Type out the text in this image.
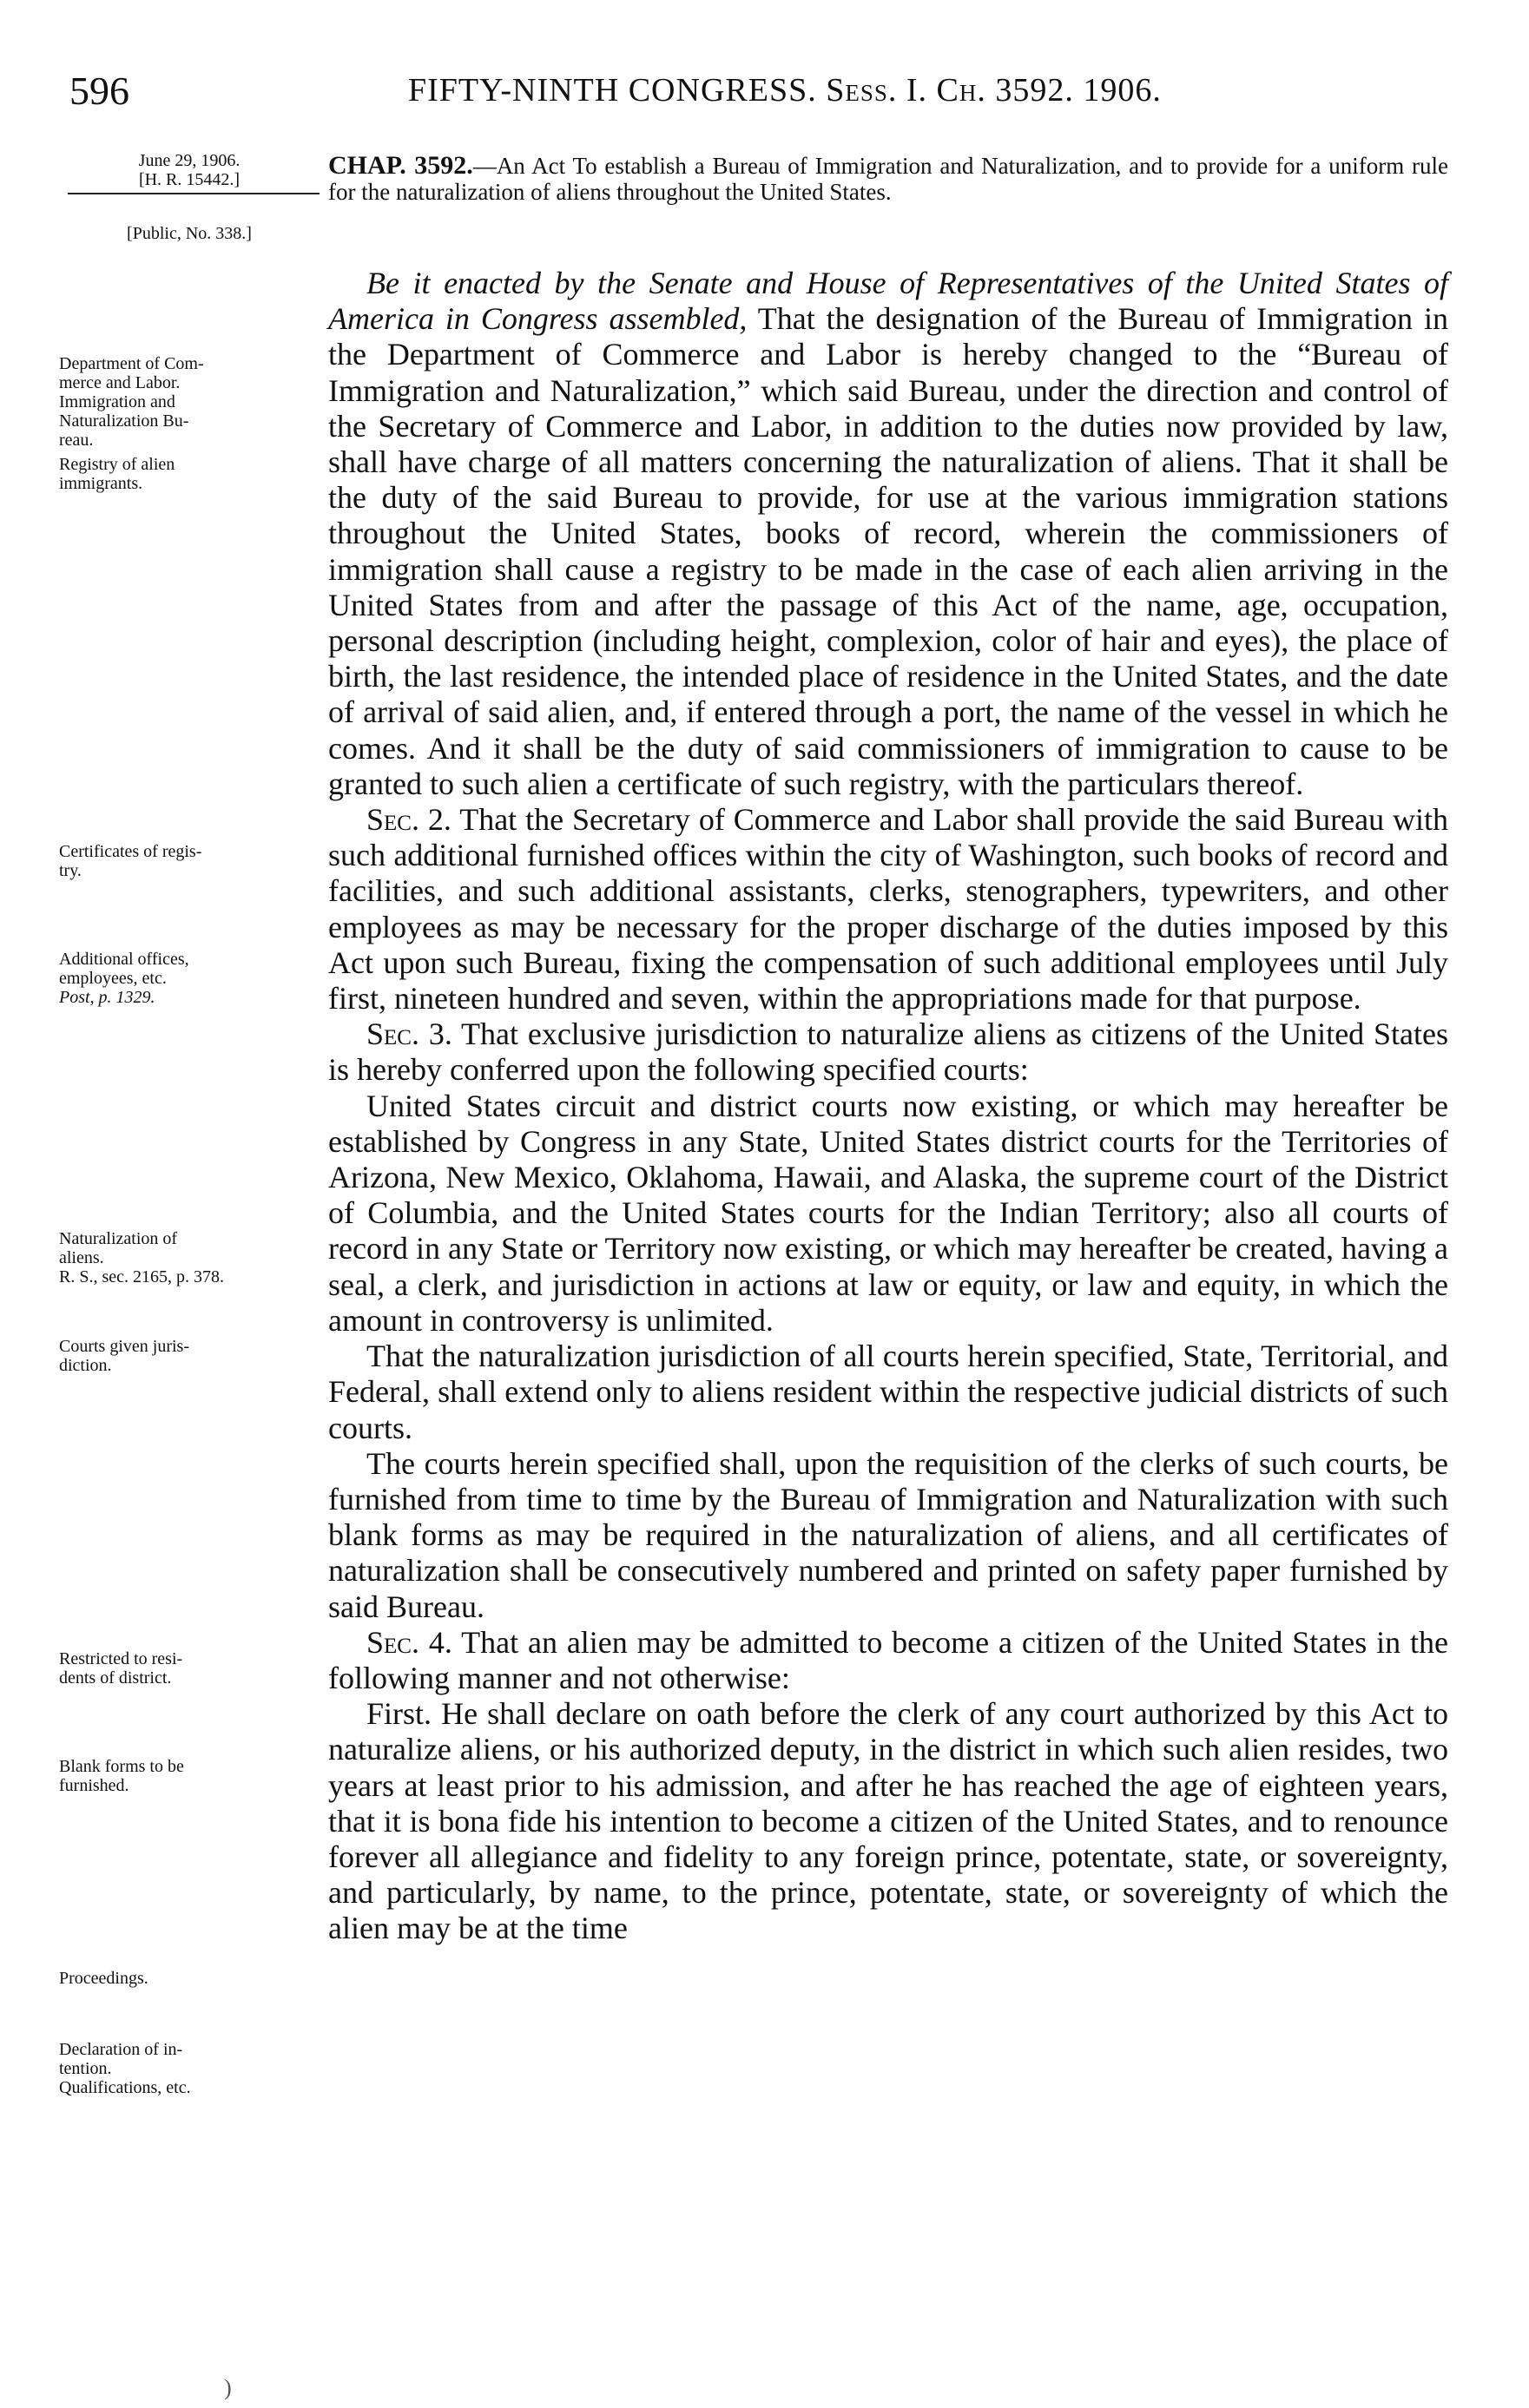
596	FIFTY-NINTH CONGRESS. Sess. I. Ch. 3592. 1906.
June 29, 1906.
[H. R. 15442.]
[Public, No. 338.]
Department of Com-
merce and Labor.
Immigration and
Naturalization Bu-
reau.
Registry of alien
immigrants.
Certificates of regis-
try.
Additional offices,
employees, etc.
Post, p. 1329.
Naturalization of
aliens.
R. S., sec. 2165, p. 378.
Courts given juris-
diction.
Restricted to resi-
dents of district.
Blank forms to be
furnished.
Proceedings.
Declaration of in-
tention.
Qualifications, etc.

CHAP. 3592.—An Act To establish a Bureau of Immigration and Naturalization, and to provide for a uniform rule for the naturalization of aliens throughout the United States.

Be it enacted by the Senate and House of Representatives of the United States of America in Congress assembled, That the designation of the Bureau of Immigration in the Department of Commerce and Labor is hereby changed to the “Bureau of Immigration and Naturalization,” which said Bureau, under the direction and control of the Secretary of Commerce and Labor, in addition to the duties now provided by law, shall have charge of all matters concerning the naturalization of aliens. That it shall be the duty of the said Bureau to provide, for use at the various immigration stations throughout the United States, books of record, wherein the commissioners of immigration shall cause a registry to be made in the case of each alien arriving in the United States from and after the passage of this Act of the name, age, occupation, personal description (including height, complexion, color of hair and eyes), the place of birth, the last residence, the intended place of residence in the United States, and the date of arrival of said alien, and, if entered through a port, the name of the vessel in which he comes. And it shall be the duty of said commissioners of immigration to cause to be granted to such alien a certificate of such registry, with the particulars thereof.

Sec. 2. That the Secretary of Commerce and Labor shall provide the said Bureau with such additional furnished offices within the city of Washington, such books of record and facilities, and such additional assistants, clerks, stenographers, typewriters, and other employees as may be necessary for the proper discharge of the duties imposed by this Act upon such Bureau, fixing the compensation of such additional employees until July first, nineteen hundred and seven, within the appropriations made for that purpose.

Sec. 3. That exclusive jurisdiction to naturalize aliens as citizens of the United States is hereby conferred upon the following specified courts:

United States circuit and district courts now existing, or which may hereafter be established by Congress in any State, United States district courts for the Territories of Arizona, New Mexico, Oklahoma, Hawaii, and Alaska, the supreme court of the District of Columbia, and the United States courts for the Indian Territory; also all courts of record in any State or Territory now existing, or which may hereafter be created, having a seal, a clerk, and jurisdiction in actions at law or equity, or law and equity, in which the amount in controversy is unlimited.

That the naturalization jurisdiction of all courts herein specified, State, Territorial, and Federal, shall extend only to aliens resident within the respective judicial districts of such courts.

The courts herein specified shall, upon the requisition of the clerks of such courts, be furnished from time to time by the Bureau of Immigration and Naturalization with such blank forms as may be required in the naturalization of aliens, and all certificates of naturalization shall be consecutively numbered and printed on safety paper furnished by said Bureau.

Sec. 4. That an alien may be admitted to become a citizen of the United States in the following manner and not otherwise:

First. He shall declare on oath before the clerk of any court authorized by this Act to naturalize aliens, or his authorized deputy, in the district in which such alien resides, two years at least prior to his admission, and after he has reached the age of eighteen years, that it is bona fide his intention to become a citizen of the United States, and to renounce forever all allegiance and fidelity to any foreign prince, potentate, state, or sovereignty, and particularly, by name, to the prince, potentate, state, or sovereignty of which the alien may be at the time

)
